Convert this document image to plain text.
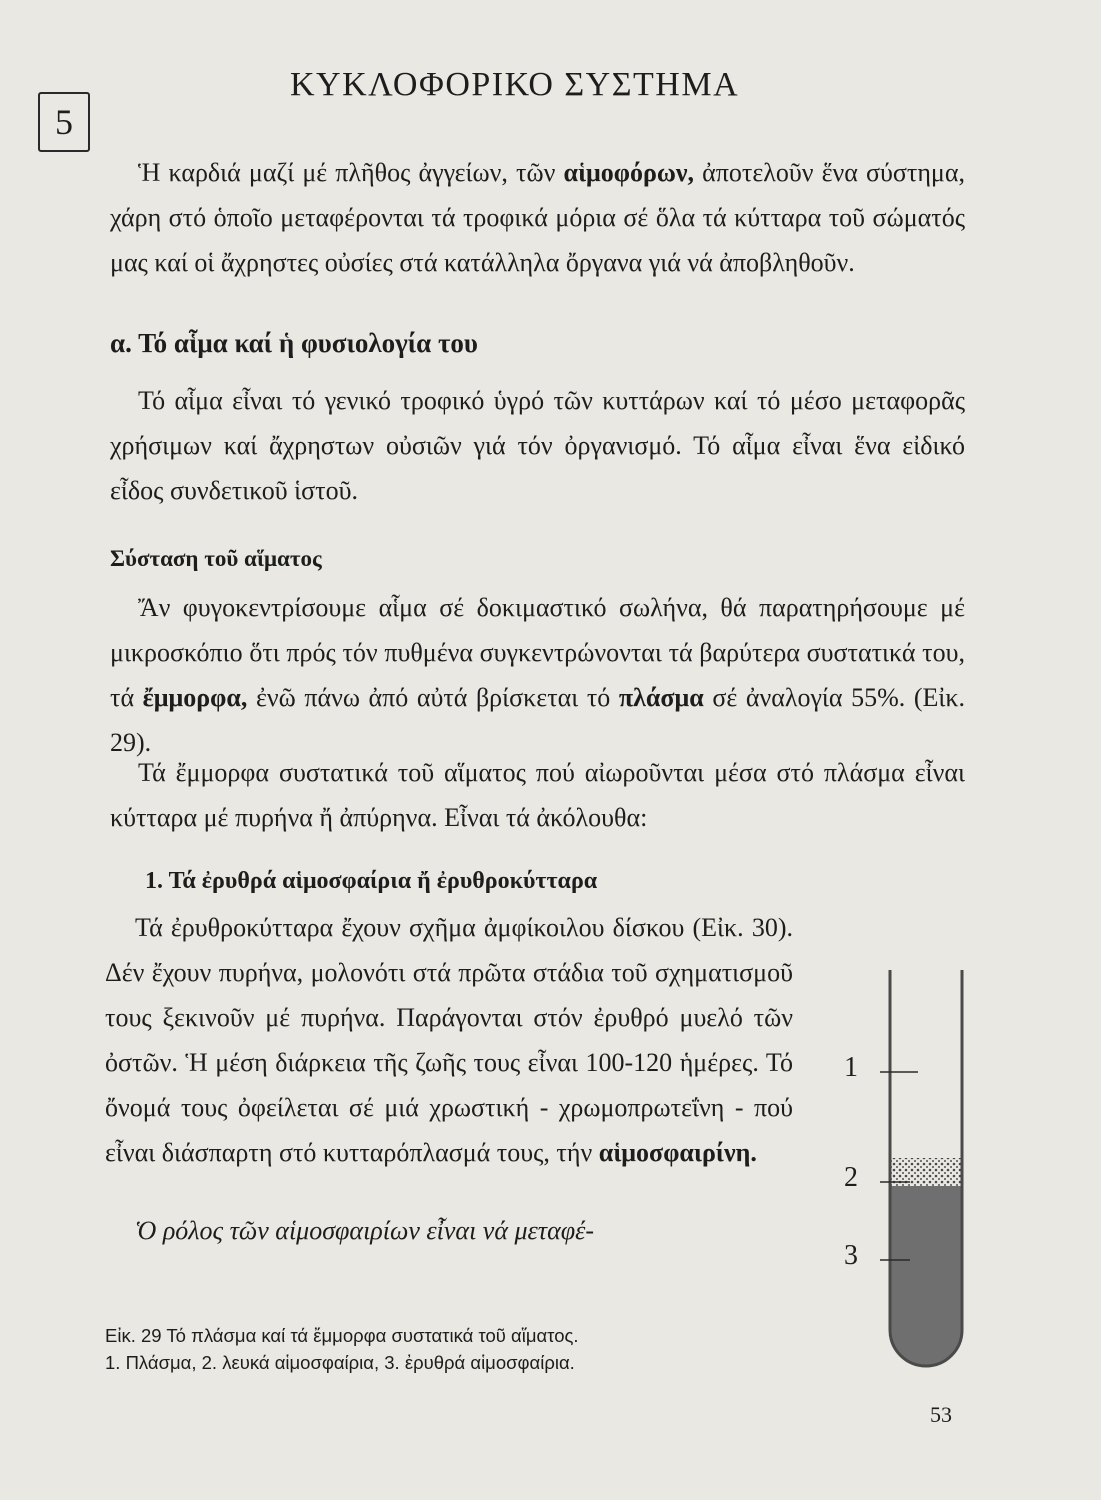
5
ΚΥΚΛΟΦΟΡΙΚΟ ΣΥΣΤΗΜΑ
Ἡ καρδιά μαζί μέ πλῆθος ἀγγείων, τῶν αἱμοφόρων, ἀποτελοῦν ἕνα σύστημα, χάρη στό ὁποῖο μεταφέρονται τά τροφικά μόρια σέ ὅλα τά κύτταρα τοῦ σώματός μας καί οἱ ἄχρηστες οὐσίες στά κατάλληλα ὄργανα γιά νά ἀποβληθοῦν.
α. Τό αἷμα καί ἡ φυσιολογία του
Τό αἷμα εἶναι τό γενικό τροφικό ὑγρό τῶν κυττάρων καί τό μέσο μεταφορᾶς χρήσιμων καί ἄχρηστων οὐσιῶν γιά τόν ὀργανισμό. Τό αἷμα εἶναι ἕνα εἰδικό εἶδος συνδετικοῦ ἱστοῦ.
Σύσταση τοῦ αἵματος
Ἄν φυγοκεντρίσουμε αἷμα σέ δοκιμαστικό σωλήνα, θά παρατηρήσουμε μέ μικροσκόπιο ὅτι πρός τόν πυθμένα συγκεντρώνονται τά βαρύτερα συστατικά του, τά ἔμμορφα, ἐνῶ πάνω ἀπό αὐτά βρίσκεται τό πλάσμα σέ ἀναλογία 55%. (Εἰκ. 29).
Τά ἔμμορφα συστατικά τοῦ αἵματος πού αἰωροῦνται μέσα στό πλάσμα εἶναι κύτταρα μέ πυρήνα ἤ ἀπύρηνα. Εἶναι τά ἀκόλουθα:
1. Τά ἐρυθρά αἱμοσφαίρια ἤ ἐρυθροκύτταρα
Τά ἐρυθροκύτταρα ἔχουν σχῆμα ἀμφίκοιλου δίσκου (Εἰκ. 30). Δέν ἔχουν πυρήνα, μολονότι στά πρῶτα στάδια τοῦ σχηματισμοῦ τους ξεκινοῦν μέ πυρήνα. Παράγονται στόν ἐρυθρό μυελό τῶν ὀστῶν. Ἡ μέση διάρκεια τῆς ζωῆς τους εἶναι 100-120 ἡμέρες. Τό ὄνομά τους ὀφείλεται σέ μιά χρωστική - χρωμοπρωτεΐνη - πού εἶναι διάσπαρτη στό κυτταρόπλασμά τους, τήν αἱμοσφαιρίνη.
Ὁ ρόλος τῶν αἱμοσφαιρίων εἶναι νά μεταφέ-
1
2
3
Εἰκ. 29 Τό πλάσμα καί τά ἔμμορφα συστατικά τοῦ αἵματος.
1. Πλάσμα, 2. λευκά αἱμοσφαίρια, 3. ἐρυθρά αἱμοσφαίρια.
53
